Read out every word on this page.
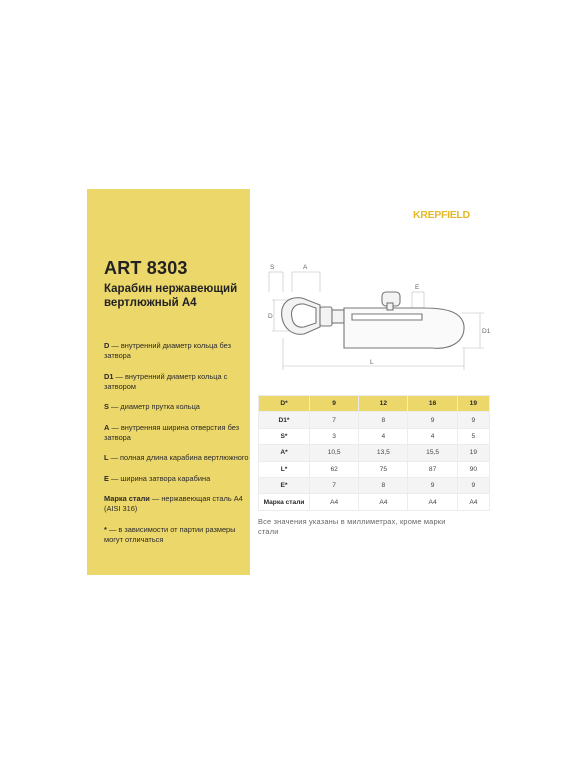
ART 8303
Карабин нержавеющий вертлюжный А4
D — внутренний диаметр кольца без затвора
D1 — внутренний диаметр кольца с затвором
S — диаметр прутка кольца
A — внутренняя ширина отверстия без затвора
L — полная длина карабина вертлюжного
E — ширина затвора карабина
Марка стали — нержавеющая сталь А4 (AISI 316)
* — в зависимости от партии размеры могут отличаться
KREPFIELD
S	A
D
E
D1
L
D*	9	12	16	19
D1*	7	8	9	9
S*	3	4	4	5
A*	10,5	13,5	15,5	19
L*	62	75	87	90
E*	7	8	9	9
Марка стали	A4	A4	A4	A4
Все значения указаны в миллиметрах, кроме марки стали
